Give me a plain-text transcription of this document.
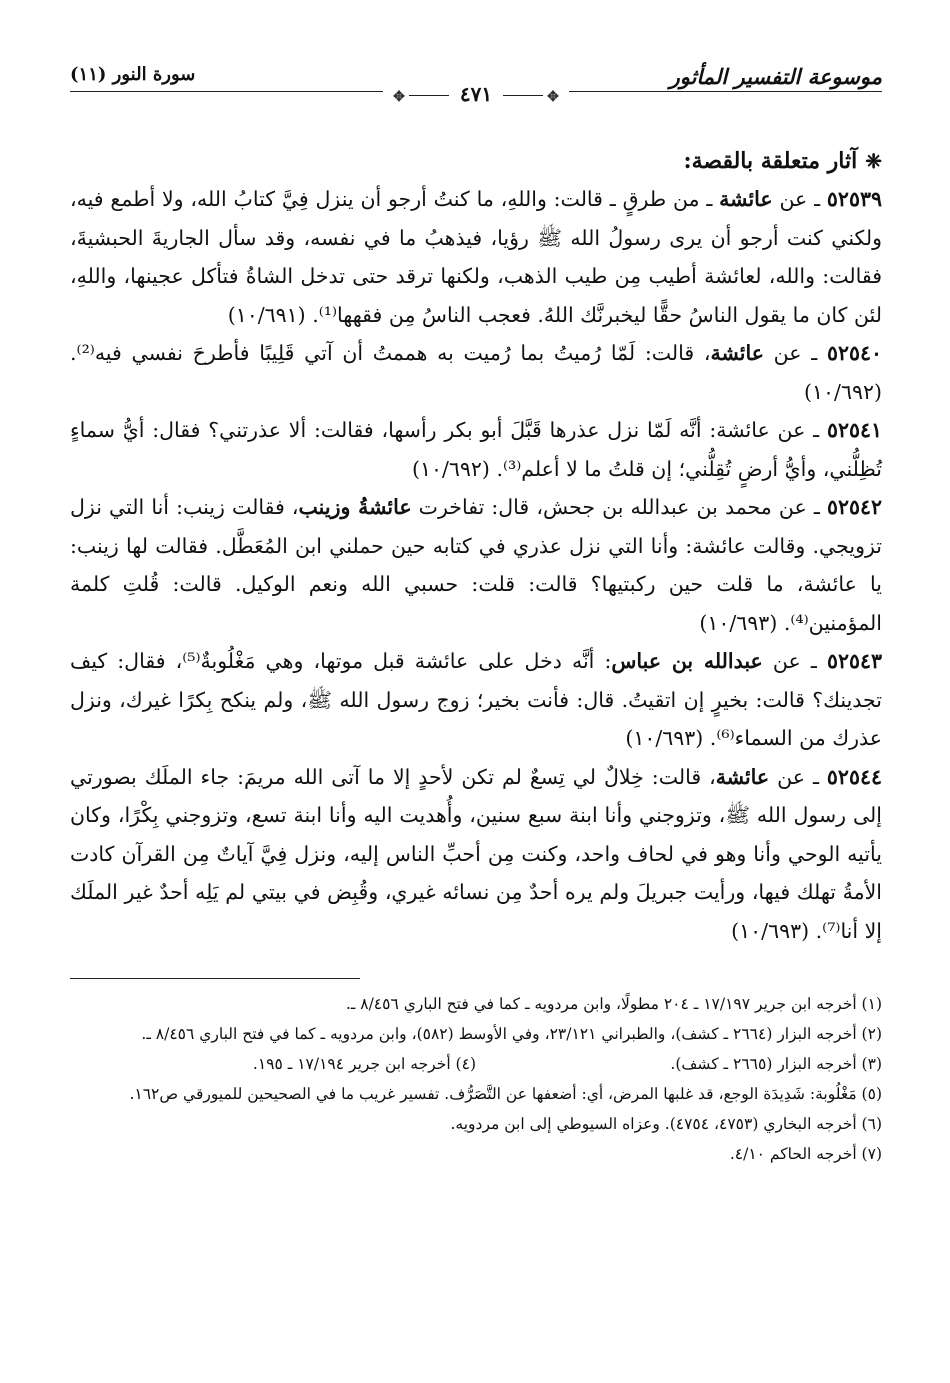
موسوعة التفسير المأثور
✥	٤٧١	✥
سورة النور (١١)
❈آثار متعلقة بالقصة:

٥٢٥٣٩ ـ عن عائشة ـ من طرقٍ ـ قالت: واللهِ، ما كنتُ أرجو أن ينزل فِيَّ كتابُ الله، ولا أطمع فيه، ولكني كنت أرجو أن يرى رسولُ الله ﷺ رؤيا، فيذهبُ ما في نفسه، وقد سأل الجاريةَ الحبشيةَ، فقالت: والله، لعائشة أطيب مِن طيب الذهب، ولكنها ترقد حتى تدخل الشاةُ فتأكل عجينها، واللهِ، لئن كان ما يقول الناسُ حقًّا ليخبرنَّك اللهُ. فعجب الناسُ مِن فقهها⁽¹⁾. (١٠/٦٩١)

٥٢٥٤٠ ـ عن عائشة، قالت: لَمّا رُميتُ بما رُميت به هممتُ أن آتي قَلِيبًا فأطرحَ نفسي فيه⁽²⁾. (١٠/٦٩٢)

٥٢٥٤١ ـ عن عائشة: أنَّه لَمّا نزل عذرها قَبَّلَ أبو بكر رأسها، فقالت: ألا عذرتني؟ فقال: أيُّ سماءٍ تُظِلُّني، وأيُّ أرضٍ تُقِلُّني؛ إن قلتُ ما لا أعلم⁽³⁾. (١٠/٦٩٢)

٥٢٥٤٢ ـ عن محمد بن عبدالله بن جحش، قال: تفاخرت عائشةُ وزينب، فقالت زينب: أنا التي نزل تزويجي. وقالت عائشة: وأنا التي نزل عذري في كتابه حين حملني ابن المُعَطَّل. فقالت لها زينب: يا عائشة، ما قلت حين ركبتيها؟ قالت: قلت: حسبي الله ونعم الوكيل. قالت: قُلتِ كلمة المؤمنين⁽⁴⁾. (١٠/٦٩٣)

٥٢٥٤٣ ـ عن عبدالله بن عباس: أنَّه دخل على عائشة قبل موتها، وهي مَغْلُوبةٌ⁽⁵⁾، فقال: كيف تجدينك؟ قالت: بخيرٍ إن اتقيتُ. قال: فأنت بخير؛ زوج رسول الله ﷺ، ولم ينكح بِكرًا غيرك، ونزل عذرك من السماء⁽⁶⁾. (١٠/٦٩٣)

٥٢٥٤٤ ـ عن عائشة، قالت: خِلالٌ لي تِسعٌ لم تكن لأحدٍ إلا ما آتى الله مريمَ: جاء الملَك بصورتي إلى رسول الله ﷺ، وتزوجني وأنا ابنة سبع سنين، وأُهديت اليه وأنا ابنة تسع، وتزوجني بِكْرًا، وكان يأتيه الوحي وأنا وهو في لحاف واحد، وكنت مِن أحبِّ الناس إليه، ونزل فِيَّ آياتٌ مِن القرآن كادت الأمةُ تهلك فيها، ورأيت جبريلَ ولم يره أحدٌ مِن نسائه غيري، وقُبِض في بيتي لم يَلِه أحدٌ غير الملَك إلا أنا⁽⁷⁾. (١٠/٦٩٣)

(١) أخرجه ابن جرير ١٧/١٩٧ ـ ٢٠٤ مطولًا، وابن مردويه ـ كما في فتح الباري ٨/٤٥٦ ـ.

(٢) أخرجه البزار (٢٦٦٤ ـ كشف)، والطبراني ٢٣/١٢١، وفي الأوسط (٥٨٢)، وابن مردويه ـ كما في فتح الباري ٨/٤٥٦ ـ.

(٣) أخرجه البزار (٢٦٦٥ ـ كشف).

(٤) أخرجه ابن جرير ١٧/١٩٤ ـ ١٩٥.

(٥) مَغْلُوبة: شَدِيدَة الوجع، قد غلبها المرض، أي: أضعفها عن التَّصَرُّف. تفسير غريب ما في الصحيحين للميورقي ص١٦٢.

(٦) أخرجه البخاري (٤٧٥٣، ٤٧٥٤). وعزاه السيوطي إلى ابن مردويه.

(٧) أخرجه الحاكم ٤/١٠.
